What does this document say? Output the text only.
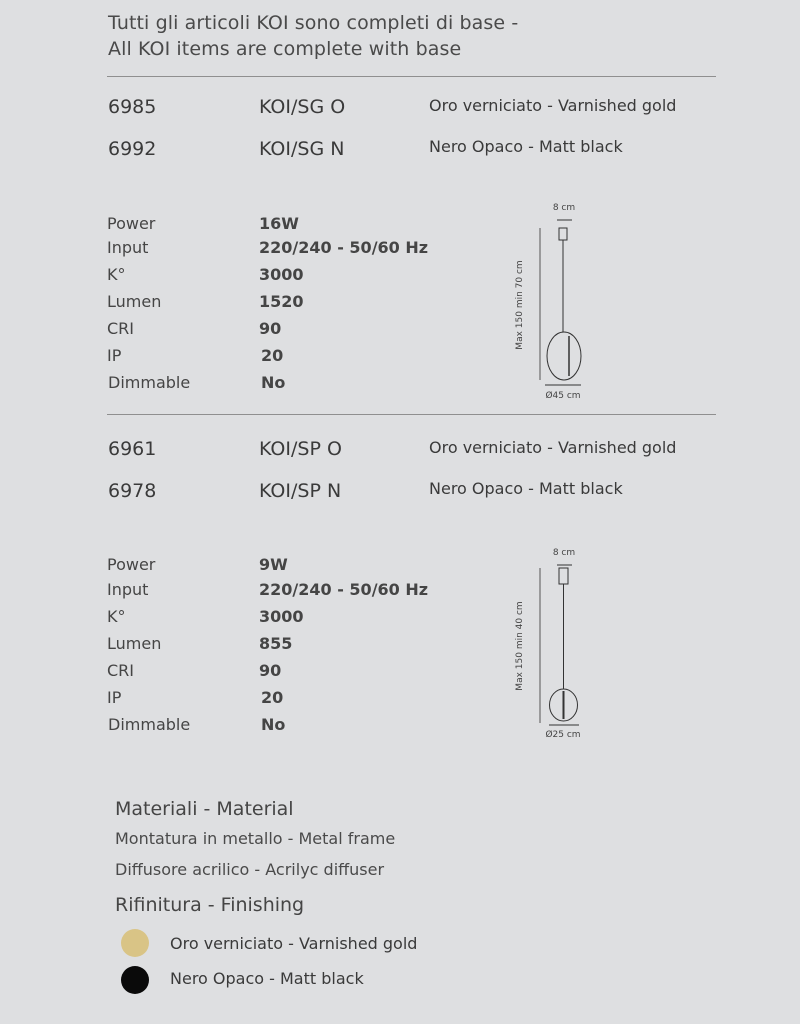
Tutti gli articoli KOI sono completi di base -
All KOI items are complete with base
6985	KOI/SG O	Oro verniciato - Varnished gold
6992	KOI/SG N	Nero Opaco - Matt black
Power	16W
Input	220/240 - 50/60 Hz
K°	3000
Lumen	1520
CRI	90
IP	20
Dimmable	No
8 cm
Max 150 min 70 cm
Ø45 cm
6961	KOI/SP O	Oro verniciato - Varnished gold
6978	KOI/SP N	Nero Opaco - Matt black
Power	9W
Input	220/240 - 50/60 Hz
K°	3000
Lumen	855
CRI	90
IP	20
Dimmable	No
8 cm
Max 150 min 40 cm
Ø25 cm
Materiali - Material
Montatura in metallo - Metal frame
Diffusore acrilico - Acrilyc diffuser
Rifinitura - Finishing
Oro verniciato - Varnished gold
Nero Opaco - Matt black
